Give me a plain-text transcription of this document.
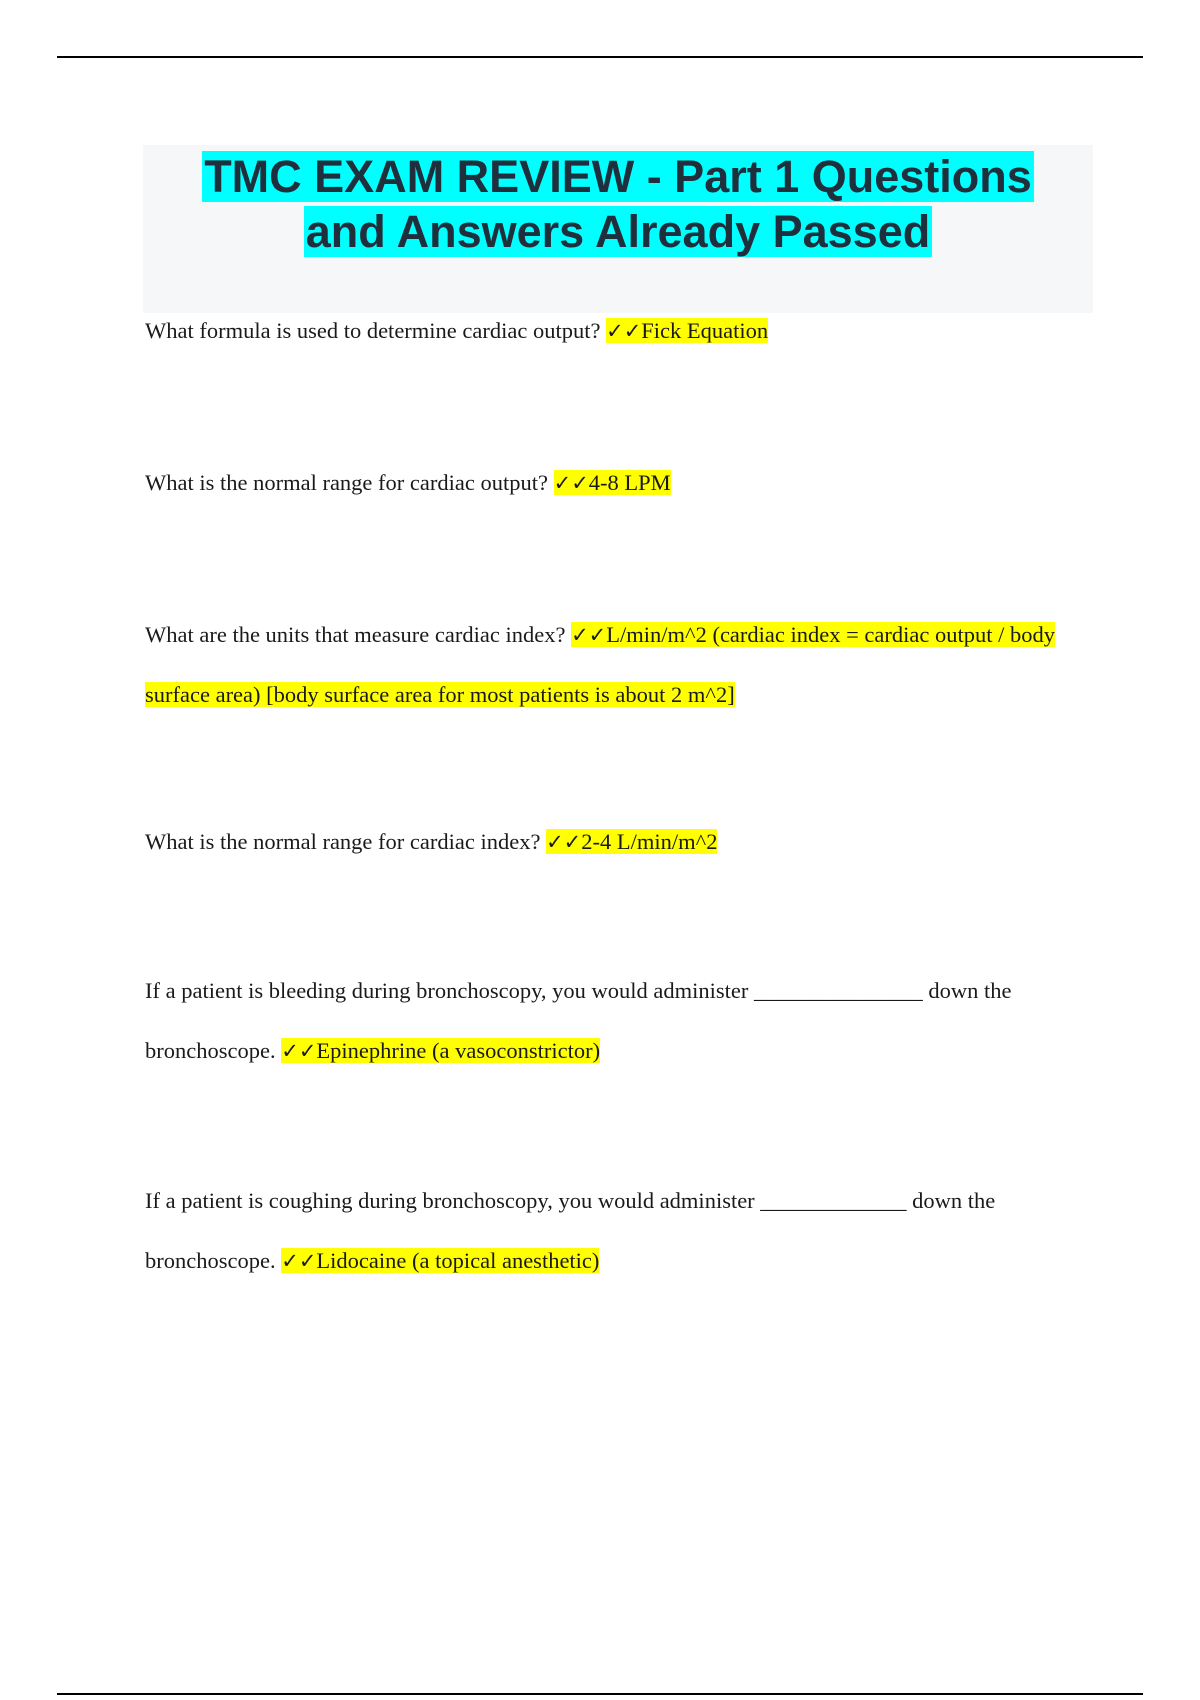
TMC EXAM REVIEW - Part 1 Questions
and Answers Already Passed

What formula is used to determine cardiac output? ✓✓Fick Equation

What is the normal range for cardiac output? ✓✓4-8 LPM

What are the units that measure cardiac index? ✓✓L/min/m^2 (cardiac index = cardiac output / body surface area) [body surface area for most patients is about 2 m^2]

What is the normal range for cardiac index? ✓✓2-4 L/min/m^2

If a patient is bleeding during bronchoscopy, you would administer _______________ down the bronchoscope. ✓✓Epinephrine (a vasoconstrictor)

If a patient is coughing during bronchoscopy, you would administer _____________ down the bronchoscope. ✓✓Lidocaine (a topical anesthetic)
